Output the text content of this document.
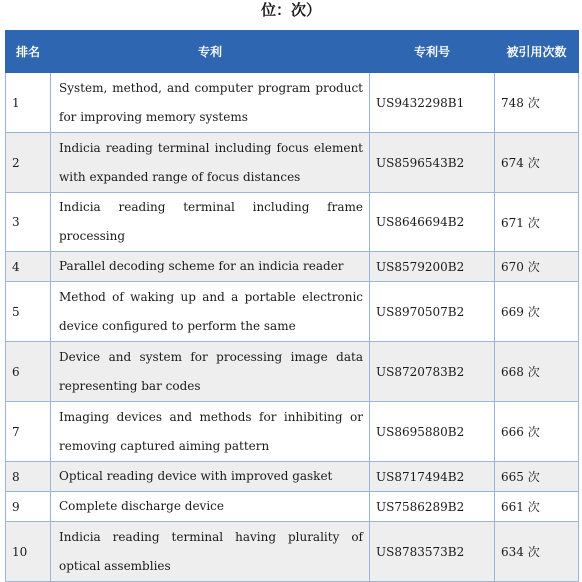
位：次）
排名	专利	专利号	被引用次数
1	System, method, and computer program product for improving memory systems	US9432298B1	748 次
2	Indicia reading terminal including focus element with expanded range of focus distances	US8596543B2	674 次
3	Indicia reading terminal including frame processing	US8646694B2	671 次
4	Parallel decoding scheme for an indicia reader	US8579200B2	670 次
5	Method of waking up and a portable electronic device configured to perform the same	US8970507B2	669 次
6	Device and system for processing image data representing bar codes	US8720783B2	668 次
7	Imaging devices and methods for inhibiting or removing captured aiming pattern	US8695880B2	666 次
8	Optical reading device with improved gasket	US8717494B2	665 次
9	Complete discharge device	US7586289B2	661 次
10	Indicia reading terminal having plurality of optical assemblies	US8783573B2	634 次
